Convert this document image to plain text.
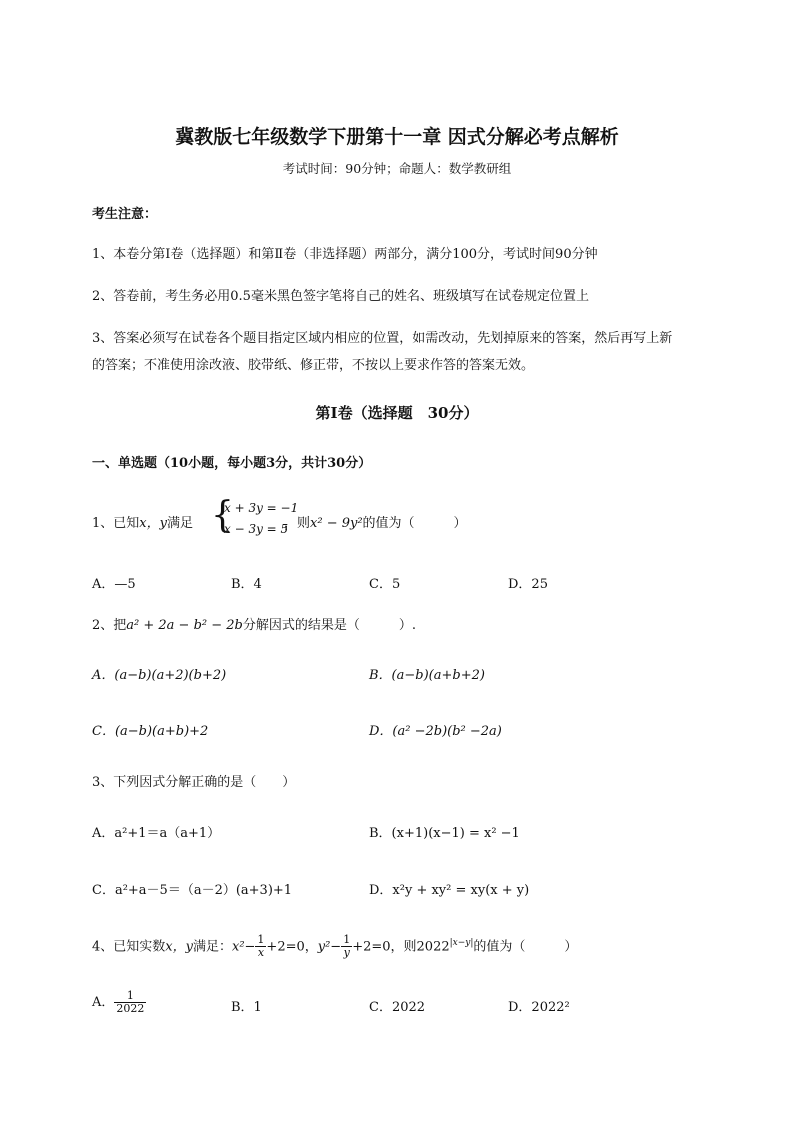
冀教版七年级数学下册第十一章 因式分解必考点解析
考试时间：90分钟；命题人：数学教研组
考生注意：
1、本卷分第I卷（选择题）和第Ⅱ卷（非选择题）两部分，满分100分，考试时间90分钟
2、答卷前，考生务必用0.5毫米黑色签字笔将自己的姓名、班级填写在试卷规定位置上
3、答案必须写在试卷各个题目指定区域内相应的位置，如需改动，先划掉原来的答案，然后再写上新
的答案；不准使用涂改液、胶带纸、修正带，不按以上要求作答的答案无效。
第I卷（选择题　30分）
一、单选题（10小题，每小题3分，共计30分）
1、已知x，y满足 {
x + 3y = −1
x − 3y = 5
，则x² − 9y²的值为（　　　）
A．—5	B．4	C．5	D．25
2、把a² + 2a − b² − 2b分解因式的结果是（　　　）.
A．(a−b)(a+2)(b+2)	B．(a−b)(a+b+2)
C．(a−b)(a+b)+2	D．(a² −2b)(b² −2a)
3、下列因式分解正确的是（　　）
A．a²+1＝a（a+1）	B．(x+1)(x−1) = x² −1
C．a²+a－5＝（a－2）(a+3)+1	D．x²y + xy² = xy(x + y)
4、已知实数x，y满足：$x^2- \frac{1}{x} +2=0$，$y^2- \frac{1}{y} +2=0$，则$2022^{|x-y|}$的值为（　　　）
A． $\frac{1}{2022}$	B．1	C．2022	D．2022²
